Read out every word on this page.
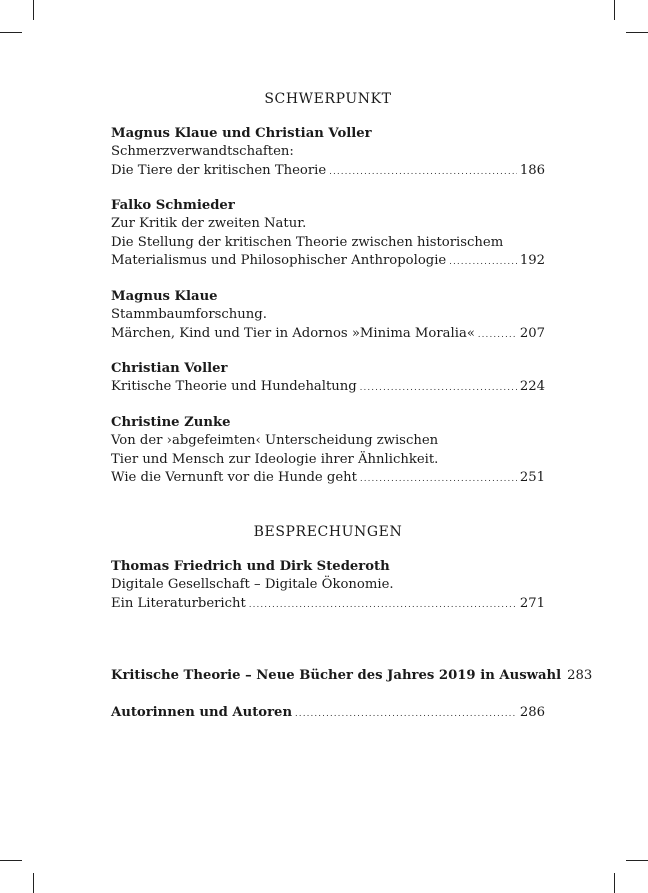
SCHWERPUNKT
Magnus Klaue und Christian Voller
Schmerzverwandtschaften:
Die Tiere der kritischen Theorie . . .	186
Falko Schmieder
Zur Kritik der zweiten Natur.
Die Stellung der kritischen Theorie zwischen historischem
Materialismus und Philosophischer Anthropologie . . .	192
Magnus Klaue
Stammbaumforschung.
Märchen, Kind und Tier in Adornos »Minima Moralia« . . .	207
Christian Voller
Kritische Theorie und Hundehaltung . . .	224
Christine Zunke
Von der ›abgefeimten‹ Unterscheidung zwischen
Tier und Mensch zur Ideologie ihrer Ähnlichkeit.
Wie die Vernunft vor die Hunde geht . . .	251
BESPRECHUNGEN
Thomas Friedrich und Dirk Stederoth
Digitale Gesellschaft – Digitale Ökonomie.
Ein Literaturbericht . . .	271
Kritische Theorie – Neue Bücher des Jahres 2019 in Auswahl 283
Autorinnen und Autoren . . .	286
